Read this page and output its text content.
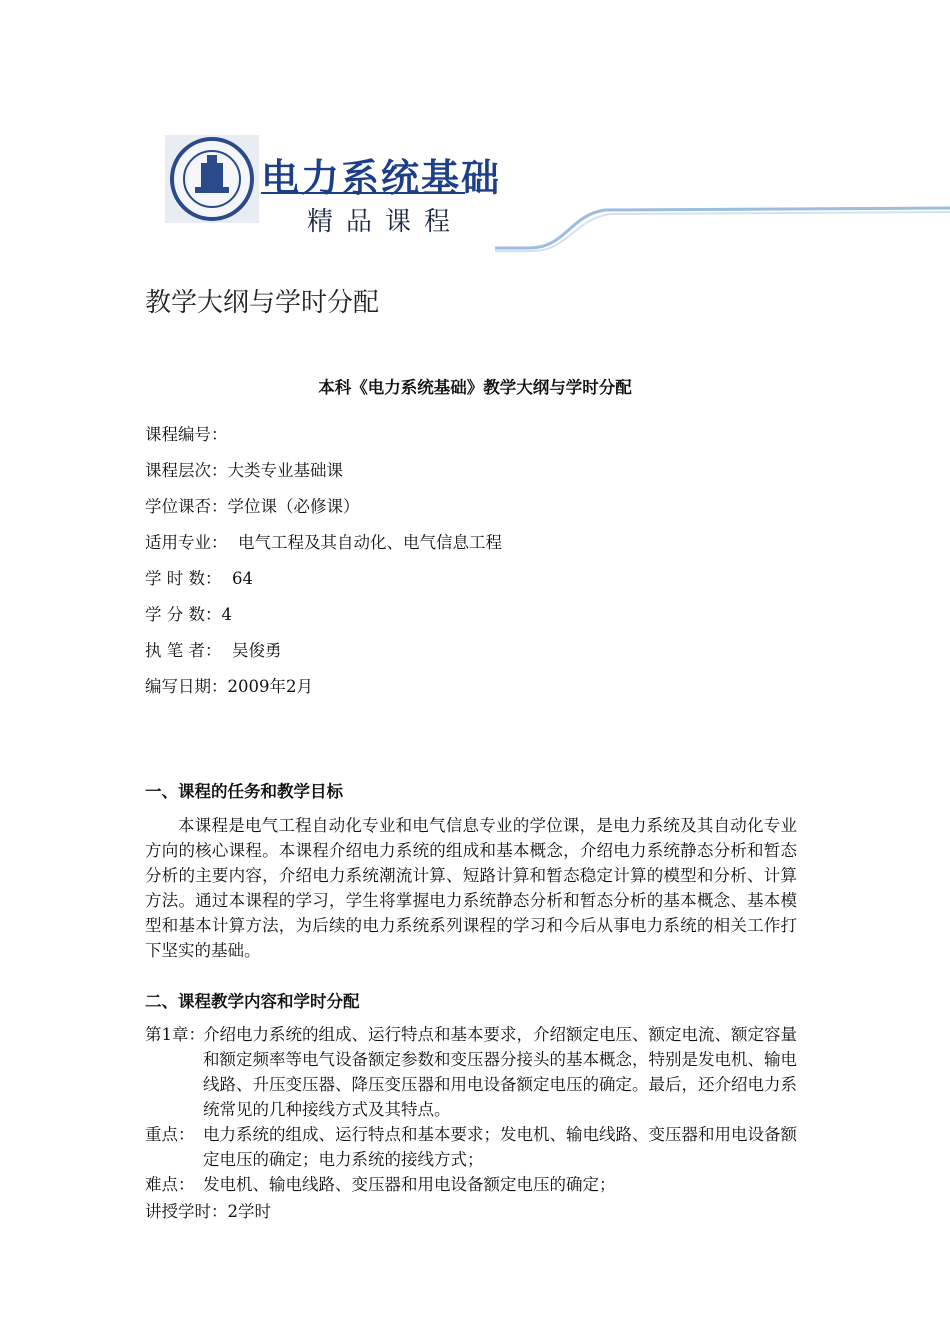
电力系统基础
精品课程
教学大纲与学时分配
本科《电力系统基础》教学大纲与学时分配
课程编号：
课程层次：大类专业基础课
学位课否：学位课（必修课）
适用专业：  电气工程及其自动化、电气信息工程
学 时 数：  64
学 分 数：4
执 笔 者：  吴俊勇
编写日期：2009年2月
一、课程的任务和教学目标
本课程是电气工程自动化专业和电气信息专业的学位课，是电力系统及其自动化专业方向的核心课程。本课程介绍电力系统的组成和基本概念，介绍电力系统静态分析和暂态分析的主要内容，介绍电力系统潮流计算、短路计算和暂态稳定计算的模型和分析、计算方法。通过本课程的学习，学生将掌握电力系统静态分析和暂态分析的基本概念、基本模型和基本计算方法，为后续的电力系统系列课程的学习和今后从事电力系统的相关工作打下坚实的基础。
二、课程教学内容和学时分配
第1章：
介绍电力系统的组成、运行特点和基本要求，介绍额定电压、额定电流、额定容量和额定频率等电气设备额定参数和变压器分接头的基本概念，特别是发电机、输电线路、升压变压器、降压变压器和用电设备额定电压的确定。最后，还介绍电力系统常见的几种接线方式及其特点。
重点： 电力系统的组成、运行特点和基本要求；发电机、输电线路、变压器和用电设备额定电压的确定；电力系统的接线方式；
难点： 发电机、输电线路、变压器和用电设备额定电压的确定；
讲授学时：2学时
